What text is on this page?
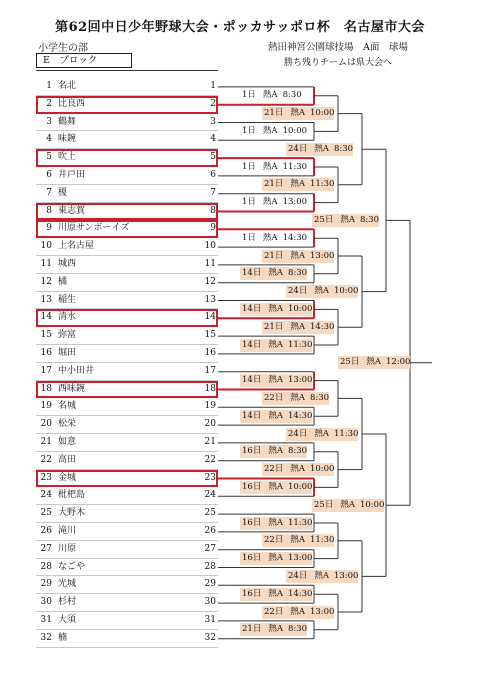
第62回中日少年野球大会・ポッカサッポロ杯　名古屋市大会
小学生の部	熱田神宮公園球技場　A面　球場
E　ブロック	勝ち残りチームは県大会へ
1 名北	1
2 比良西	2
3 鶴舞	3
4 味鋺	4
5 吹上	5
6 井戸田	6
7 榎	7
8 東志賀	8
9 川原サンボーイズ	9
10 上名古屋	10
11 城西	11
12 橘	12
13 稲生	13
14 清水	14
15 弥富	15
16 堀田	16
17 中小田井	17
18 西味鋺	18
19 名城	19
20 松栄	20
21 如意	21
22 高田	22
23 金城	23
24 枇杷島	24
25 大野木	25
26 滝川	26
27 川原	27
28 なごや	28
29 光城	29
30 杉村	30
31 大須	31
32 楠	32
1日 熱A 8:30
1日 熱A 10:00
1日 熱A 11:30
1日 熱A 13:00
1日 熱A 14:30
14日 熱A 8:30
14日 熱A 10:00
14日 熱A 11:30
14日 熱A 13:00
14日 熱A 14:30
16日 熱A 8:30
16日 熱A 10:00
16日 熱A 11:30
16日 熱A 13:00
16日 熱A 14:30
21日 熱A 8:30
21日 熱A 10:00
21日 熱A 11:30
21日 熱A 13:00
21日 熱A 14:30
22日 熱A 8:30
22日 熱A 10:00
22日 熱A 11:30
22日 熱A 13:00
24日 熱A 8:30
24日 熱A 10:00
24日 熱A 11:30
24日 熱A 13:00
25日 熱A 8:30
25日 熱A 10:00
25日 熱A 12:00
